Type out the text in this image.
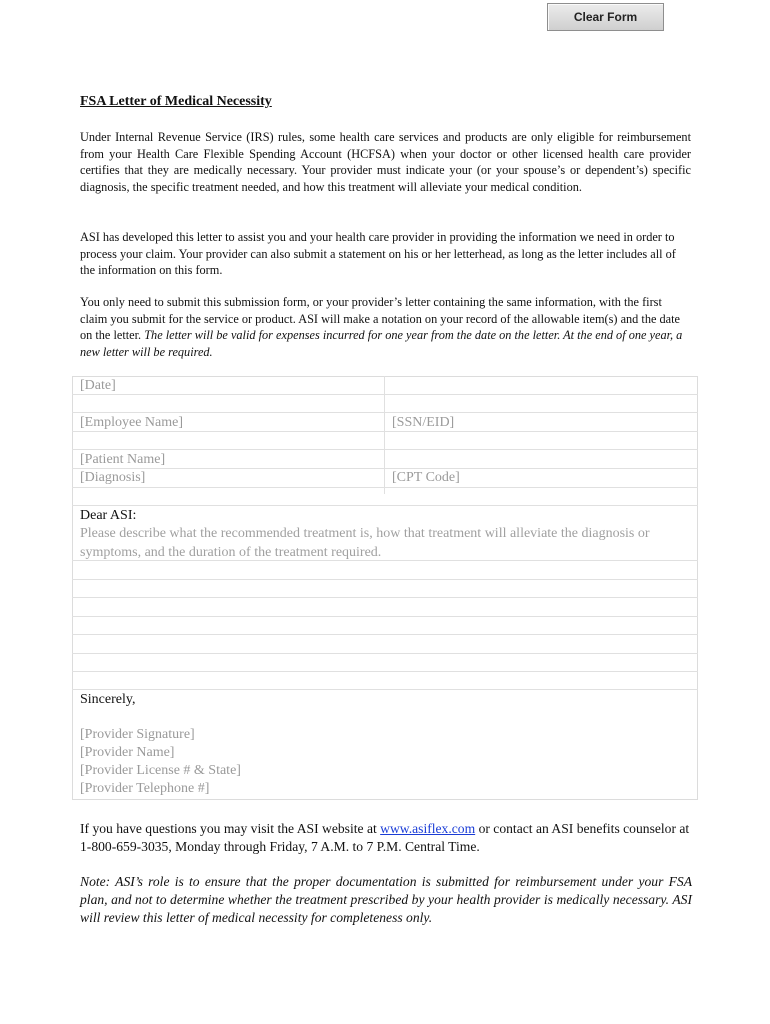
Clear Form
FSA Letter of Medical Necessity

Under Internal Revenue Service (IRS) rules, some health care services and products are only eligible for reimbursement from your Health Care Flexible Spending Account (HCFSA) when your doctor or other licensed health care provider certifies that they are medically necessary. Your provider must indicate your (or your spouse’s or dependent’s) specific diagnosis, the specific treatment needed, and how this treatment will alleviate your medical condition.

ASI has developed this letter to assist you and your health care provider in providing the information we need in order to process your claim. Your provider can also submit a statement on his or her letterhead, as long as the letter includes all of the information on this form.

You only need to submit this submission form, or your provider’s letter containing the same information, with the first claim you submit for the service or product. ASI will make a notation on your record of the allowable item(s) and the date on the letter. The letter will be valid for expenses incurred for one year from the date on the letter. At the end of one year, a new letter will be required.

[Date]
[Employee Name]	[SSN/EID]
[Patient Name]
[Diagnosis]	[CPT Code]
Dear ASI:
Please describe what the recommended treatment is, how that treatment will alleviate the diagnosis or symptoms, and the duration of the treatment required.
Sincerely,
[Provider Signature]
[Provider Name]
[Provider License # & State]
[Provider Telephone #]

If you have questions you may visit the ASI website at www.asiflex.com or contact an ASI benefits counselor at 1-800-659-3035, Monday through Friday, 7 A.M. to 7 P.M. Central Time.

Note: ASI’s role is to ensure that the proper documentation is submitted for reimbursement under your FSA plan, and not to determine whether the treatment prescribed by your health provider is medically necessary. ASI will review this letter of medical necessity for completeness only.
